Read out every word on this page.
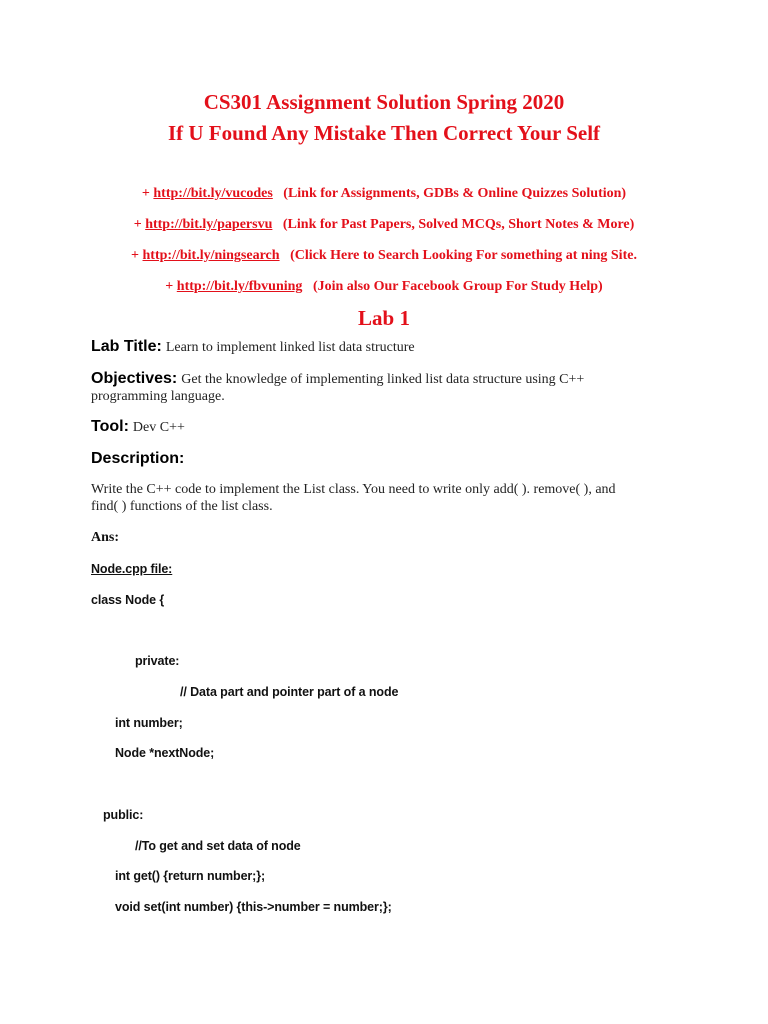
CS301 Assignment Solution Spring 2020
If U Found Any Mistake Then Correct Your Self
+ http://bit.ly/vucodes (Link for Assignments, GDBs & Online Quizzes Solution)
+ http://bit.ly/papersvu (Link for Past Papers, Solved MCQs, Short Notes & More)
+ http://bit.ly/ningsearch (Click Here to Search Looking For something at ning Site.
+ http://bit.ly/fbvuning (Join also Our Facebook Group For Study Help)
Lab 1
Lab Title: Learn to implement linked list data structure
Objectives: Get the knowledge of implementing linked list data structure using C++
programming language.
Tool: Dev C++
Description:
Write the C++ code to implement the List class. You need to write only add( ). remove( ), and
find( ) functions of the list class.
Ans:
Node.cpp file:
class Node {
private:
// Data part and pointer part of a node
int number;
Node *nextNode;
public:
//To get and set data of node
int get() {return number;};
void set(int number) {this->number = number;};
